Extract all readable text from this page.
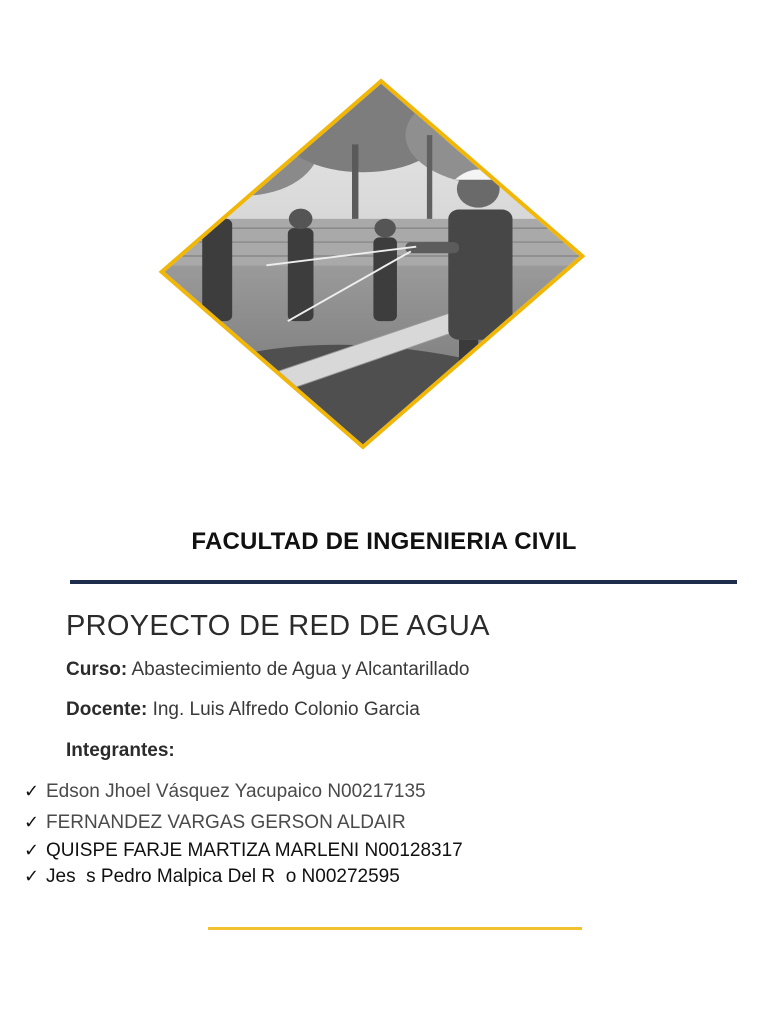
FACULTAD DE INGENIERIA CIVIL
PROYECTO DE RED DE AGUA
Curso: Abastecimiento de Agua y Alcantarillado
Docente: Ing. Luis Alfredo Colonio Garcia
Integrantes:
✓ Edson Jhoel Vásquez Yacupaico N00217135
✓ FERNANDEZ VARGAS GERSON ALDAIR
✓ QUISPE FARJE MARTIZA MARLENI N00128317
✓ Jes  s Pedro Malpica Del R  o N00272595
